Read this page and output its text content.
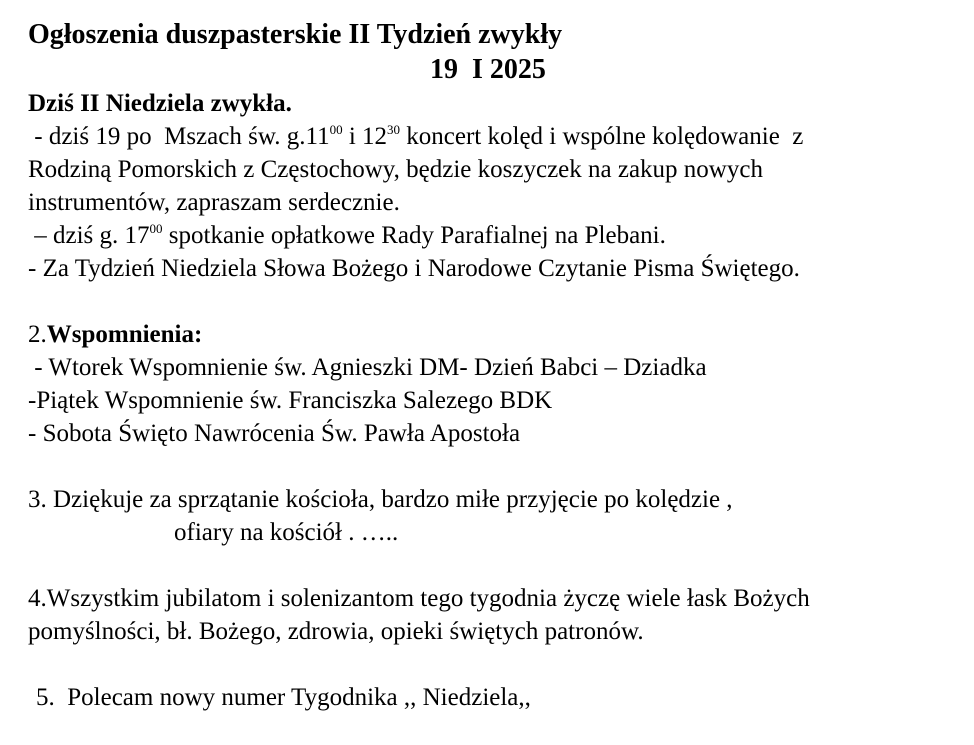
Ogłoszenia duszpasterskie II Tydzień zwykły
19  I 2025
Dziś II Niedziela zwykła.
- dziś 19 po  Mszach św. $g.11^{00}$ i $12^{30}$ koncert kolęd i wspólne kolędowanie  z
Rodziną Pomorskich z Częstochowy, będzie koszyczek na zakup nowych
instrumentów, zapraszam serdecznie.
– dziś g. $17^{00}$ spotkanie opłatkowe Rady Parafialnej na Plebani.
- Za Tydzień Niedziela Słowa Bożego i Narodowe Czytanie Pisma Świętego.
2.Wspomnienia:
- Wtorek Wspomnienie św. Agnieszki DM- Dzień Babci – Dziadka
-Piątek Wspomnienie św. Franciszka Salezego BDK
- Sobota Święto Nawrócenia Św. Pawła Apostoła
3. Dziękuje za sprzątanie kościoła, bardzo miłe przyjęcie po kolędzie ,
ofiary na kościół . …..
4.Wszystkim jubilatom i solenizantom tego tygodnia życzę wiele łask Bożych
pomyślności, bł. Bożego, zdrowia, opieki świętych patronów.
5.  Polecam nowy numer Tygodnika ,, Niedziela,,
